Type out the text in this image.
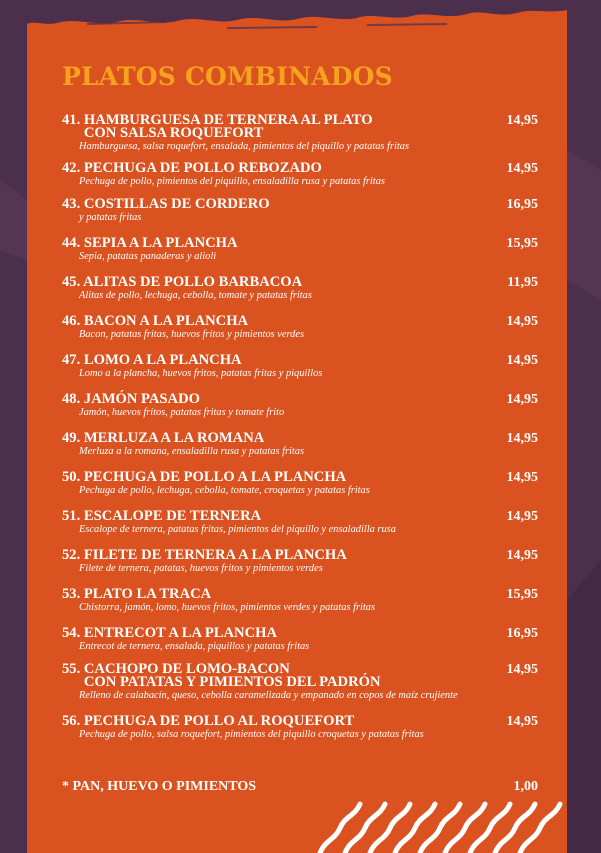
PLATOS COMBINADOS
41. HAMBURGUESA DE TERNERA AL PLATO
CON SALSA ROQUEFORT
14,95
Hamburguesa, salsa roquefort, ensalada, pimientos del piquillo y patatas fritas
42. PECHUGA DE POLLO REBOZADO	14,95
Pechuga de pollo, pimientos del piquillo, ensaladilla rusa y patatas fritas
43. COSTILLAS DE CORDERO	16,95
y patatas fritas
44. SEPIA A LA PLANCHA	15,95
Sepia, patatas panaderas y alioli
45. ALITAS DE POLLO BARBACOA	11,95
Alitas de pollo, lechuga, cebolla, tomate y patatas fritas
46. BACON A LA PLANCHA	14,95
Bacon, patatas fritas, huevos fritos y pimientos verdes
47. LOMO A LA PLANCHA	14,95
Lomo a la plancha, huevos fritos, patatas fritas y piquillos
48. JAMÓN PASADO	14,95
Jamón, huevos fritos, patatas fritas y tomate frito
49. MERLUZA A LA ROMANA	14,95
Merluza a la romana, ensaladilla rusa y patatas fritas
50. PECHUGA DE POLLO A LA PLANCHA	14,95
Pechuga de pollo, lechuga, cebolla, tomate, croquetas y patatas fritas
51. ESCALOPE DE TERNERA	14,95
Escalope de ternera, patatas fritas, pimientos del piquillo y ensaladilla rusa
52. FILETE DE TERNERA A LA PLANCHA	14,95
Filete de ternera, patatas, huevos fritos y pimientos verdes
53. PLATO LA TRACA	15,95
Chistorra, jamón, lomo, huevos fritos, pimientos verdes y patatas fritas
54. ENTRECOT A LA PLANCHA	16,95
Entrecot de ternera, ensalada, piquillos y patatas fritas
55. CACHOPO DE LOMO-BACON
CON PATATAS Y PIMIENTOS DEL PADRÓN
14,95
Relleno de calabacín, queso, cebolla caramelizada y empanado en copos de maíz crujiente
56. PECHUGA DE POLLO AL ROQUEFORT	14,95
Pechuga de pollo, salsa roquefort, pimientos del piquillo croquetas y patatas fritas
* PAN, HUEVO O PIMIENTOS	1,00
